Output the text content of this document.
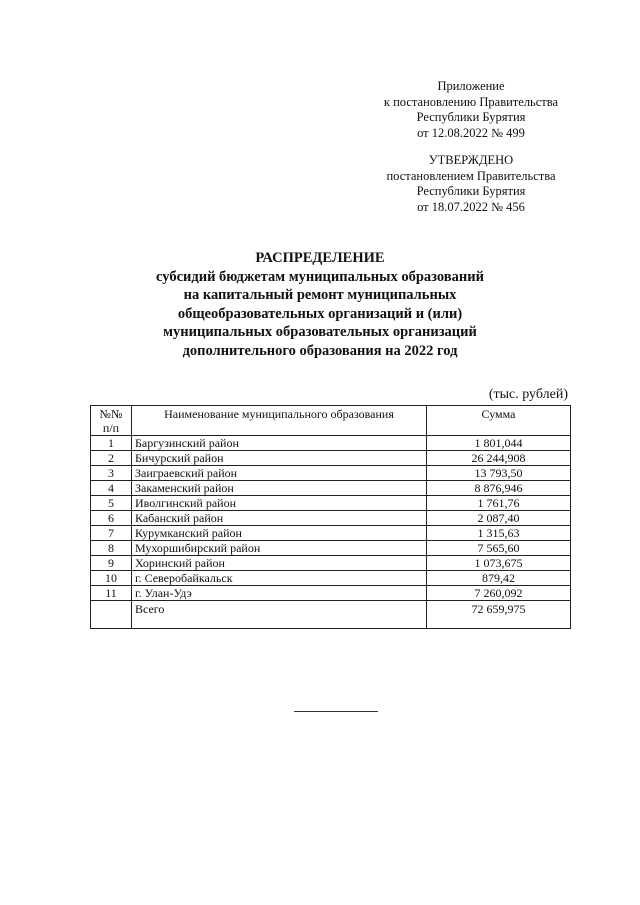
Приложение
к постановлению Правительства
Республики Бурятия
от 12.08.2022 № 499
УТВЕРЖДЕНО
постановлением Правительства
Республики Бурятия
от 18.07.2022 № 456
РАСПРЕДЕЛЕНИЕ
субсидий бюджетам муниципальных образований
на капитальный ремонт муниципальных
общеобразовательных организаций и (или)
муниципальных образовательных организаций
дополнительного образования на 2022 год
(тыс. рублей)
№№
п/п	Наименование муниципального образования	Сумма
1	Баргузинский район	1 801,044
2	Бичурский район	26 244,908
3	Заиграевский район	13 793,50
4	Закаменский район	8 876,946
5	Иволгинский район	1 761,76
6	Кабанский район	2 087,40
7	Курумканский район	1 315,63
8	Мухоршибирский район	7 565,60
9	Хоринский район	1 073,675
10	г. Северобайкальск	879,42
11	г. Улан-Удэ	7 260,092
	Всего	72 659,975
